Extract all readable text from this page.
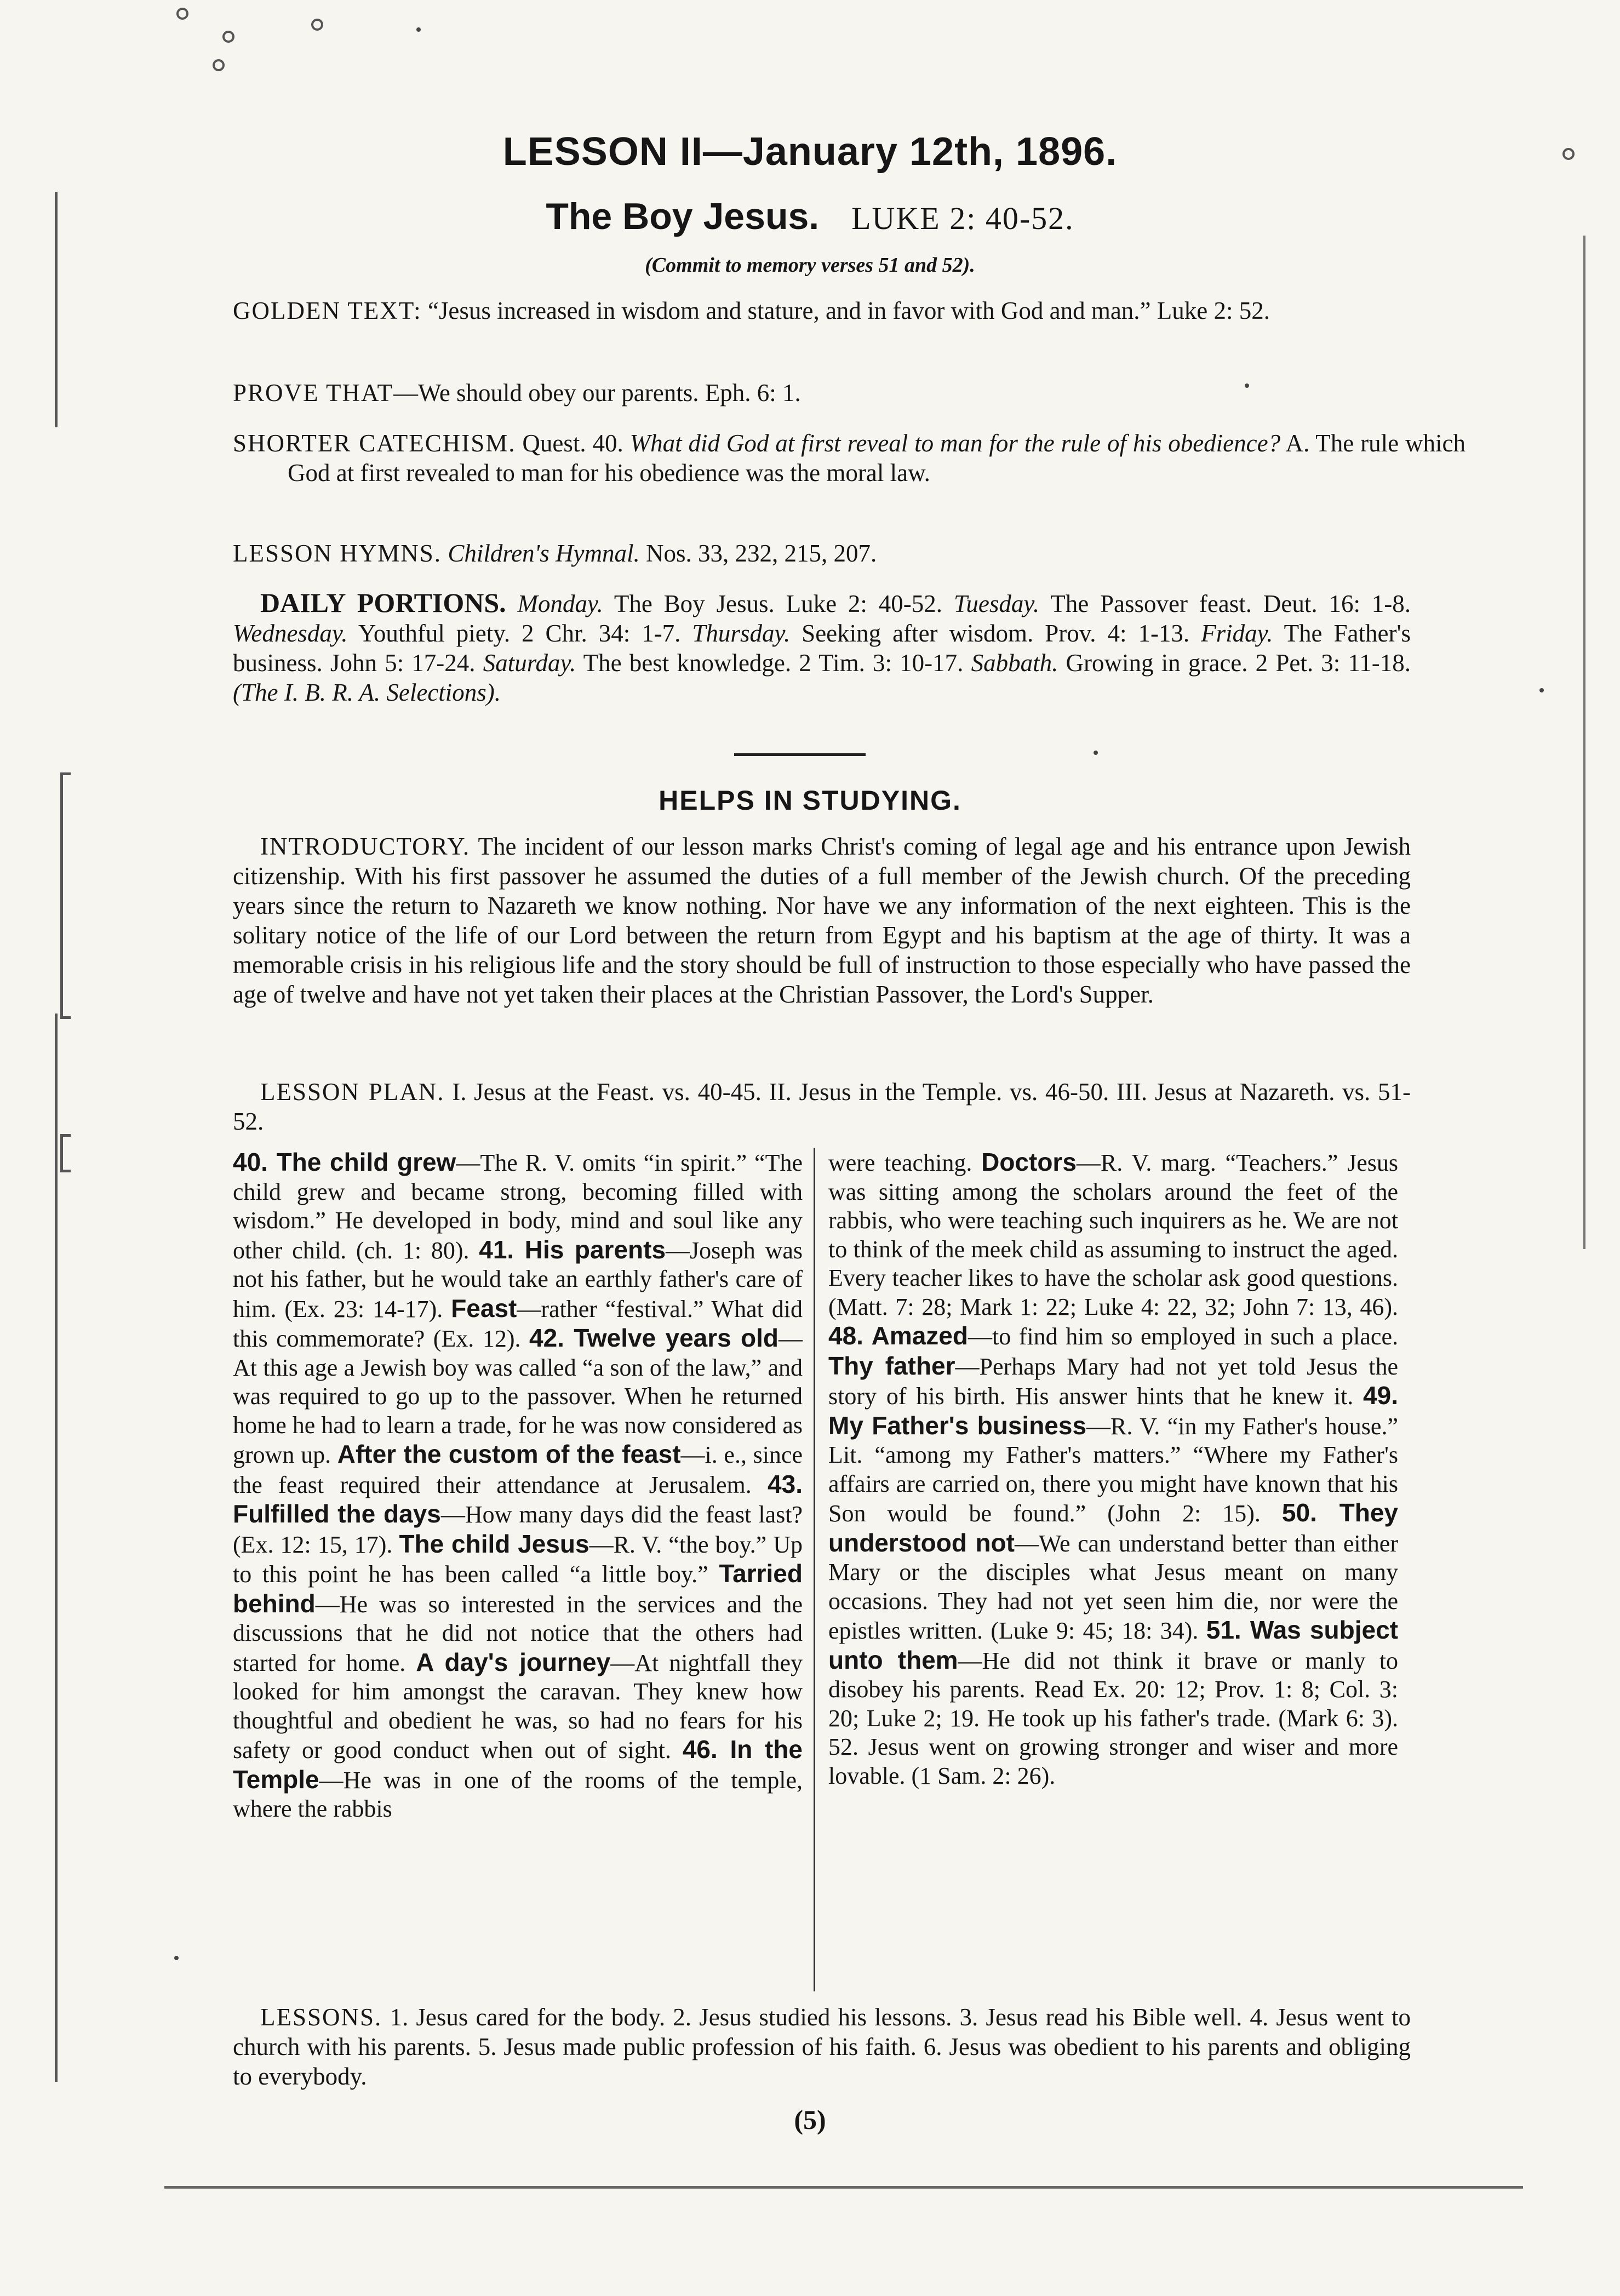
LESSON II—January 12th, 1896.
The Boy Jesus. LUKE 2: 40-52.
(Commit to memory verses 51 and 52).
GOLDEN TEXT: “Jesus increased in wisdom and stature, and in favor with God and man.” Luke 2: 52.
PROVE THAT—We should obey our parents. Eph. 6: 1.
SHORTER CATECHISM. Quest. 40. What did God at first reveal to man for the rule of his obedience? A. The rule which God at first revealed to man for his obedience was the moral law.
LESSON HYMNS. Children's Hymnal. Nos. 33, 232, 215, 207.
DAILY PORTIONS. Monday. The Boy Jesus. Luke 2: 40-52. Tuesday. The Passover feast. Deut. 16: 1-8. Wednesday. Youthful piety. 2 Chr. 34: 1-7. Thursday. Seeking after wisdom. Prov. 4: 1-13. Friday. The Father's business. John 5: 17-24. Saturday. The best knowledge. 2 Tim. 3: 10-17. Sabbath. Growing in grace. 2 Pet. 3: 11-18. (The I. B. R. A. Selections).
HELPS IN STUDYING.
INTRODUCTORY. The incident of our lesson marks Christ's coming of legal age and his entrance upon Jewish citizenship. With his first passover he assumed the duties of a full member of the Jewish church. Of the preceding years since the return to Nazareth we know nothing. Nor have we any information of the next eighteen. This is the solitary notice of the life of our Lord between the return from Egypt and his baptism at the age of thirty. It was a memorable crisis in his religious life and the story should be full of instruction to those especially who have passed the age of twelve and have not yet taken their places at the Christian Passover, the Lord's Supper.
LESSON PLAN. I. Jesus at the Feast. vs. 40-45. II. Jesus in the Temple. vs. 46-50. III. Jesus at Nazareth. vs. 51-52.
40. The child grew—The R. V. omits “in spirit.” “The child grew and became strong, becoming filled with wisdom.” He developed in body, mind and soul like any other child. (ch. 1: 80). 41. His parents—Joseph was not his father, but he would take an earthly father's care of him. (Ex. 23: 14-17). Feast—rather “festival.” What did this commemorate? (Ex. 12). 42. Twelve years old—At this age a Jewish boy was called “a son of the law,” and was required to go up to the passover. When he returned home he had to learn a trade, for he was now considered as grown up. After the custom of the feast—i. e., since the feast required their attendance at Jerusalem. 43. Fulfilled the days—How many days did the feast last? (Ex. 12: 15, 17). The child Jesus—R. V. “the boy.” Up to this point he has been called “a little boy.” Tarried behind—He was so interested in the services and the discussions that he did not notice that the others had started for home. A day's journey—At nightfall they looked for him amongst the caravan. They knew how thoughtful and obedient he was, so had no fears for his safety or good conduct when out of sight. 46. In the Temple—He was in one of the rooms of the temple, where the rabbis
were teaching. Doctors—R. V. marg. “Teachers.” Jesus was sitting among the scholars around the feet of the rabbis, who were teaching such inquirers as he. We are not to think of the meek child as assuming to instruct the aged. Every teacher likes to have the scholar ask good questions. (Matt. 7: 28; Mark 1: 22; Luke 4: 22, 32; John 7: 13, 46). 48. Amazed—to find him so employed in such a place. Thy father—Perhaps Mary had not yet told Jesus the story of his birth. His answer hints that he knew it. 49. My Father's business—R. V. “in my Father's house.” Lit. “among my Father's matters.” “Where my Father's affairs are carried on, there you might have known that his Son would be found.” (John 2: 15). 50. They understood not—We can understand better than either Mary or the disciples what Jesus meant on many occasions. They had not yet seen him die, nor were the epistles written. (Luke 9: 45; 18: 34). 51. Was subject unto them—He did not think it brave or manly to disobey his parents. Read Ex. 20: 12; Prov. 1: 8; Col. 3: 20; Luke 2; 19. He took up his father's trade. (Mark 6: 3). 52. Jesus went on growing stronger and wiser and more lovable. (1 Sam. 2: 26).
LESSONS. 1. Jesus cared for the body. 2. Jesus studied his lessons. 3. Jesus read his Bible well. 4. Jesus went to church with his parents. 5. Jesus made public profession of his faith. 6. Jesus was obedient to his parents and obliging to everybody.
(5)
